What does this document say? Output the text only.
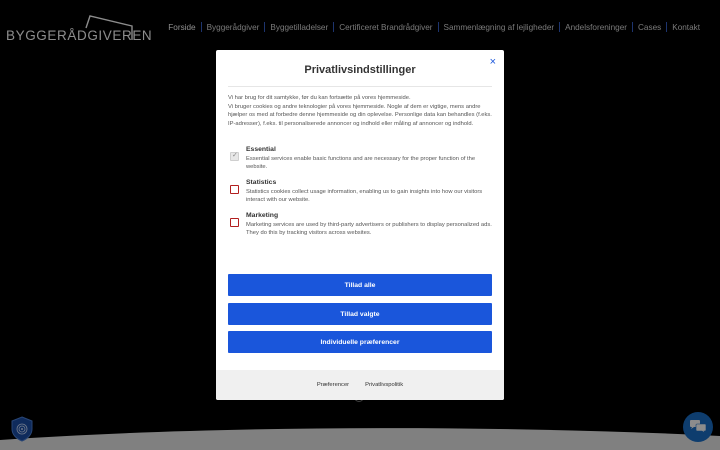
BYGGERÅDGIVEREN
Forside Byggerådgiver Byggetilladelser Certificeret Brandrådgiver Sammenlægning af lejligheder Andelsforeninger Cases Kontakt
Privatlivsindstillinger
×
Vi har brug for dit samtykke, før du kan fortsætte på vores hjemmeside.
Vi bruger cookies og andre teknologier på vores hjemmeside. Nogle af dem er vigtige, mens andre hjælper os med at forbedre denne hjemmeside og din oplevelse. Personlige data kan behandles (f.eks. IP-adresser), f.eks. til personaliserede annoncer og indhold eller måling af annoncer og indhold.
✓
Essential
Essential services enable basic functions and are necessary for the proper function of the website.
Statistics
Statistics cookies collect usage information, enabling us to gain insights into how our visitors interact with our website.
Marketing
Marketing services are used by third-party advertisers or publishers to display personalized ads. They do this by tracking visitors across websites.
Tillad alle
Tillad valgte
Individuelle præferencer
Præferencer	Privatlivspolitik
